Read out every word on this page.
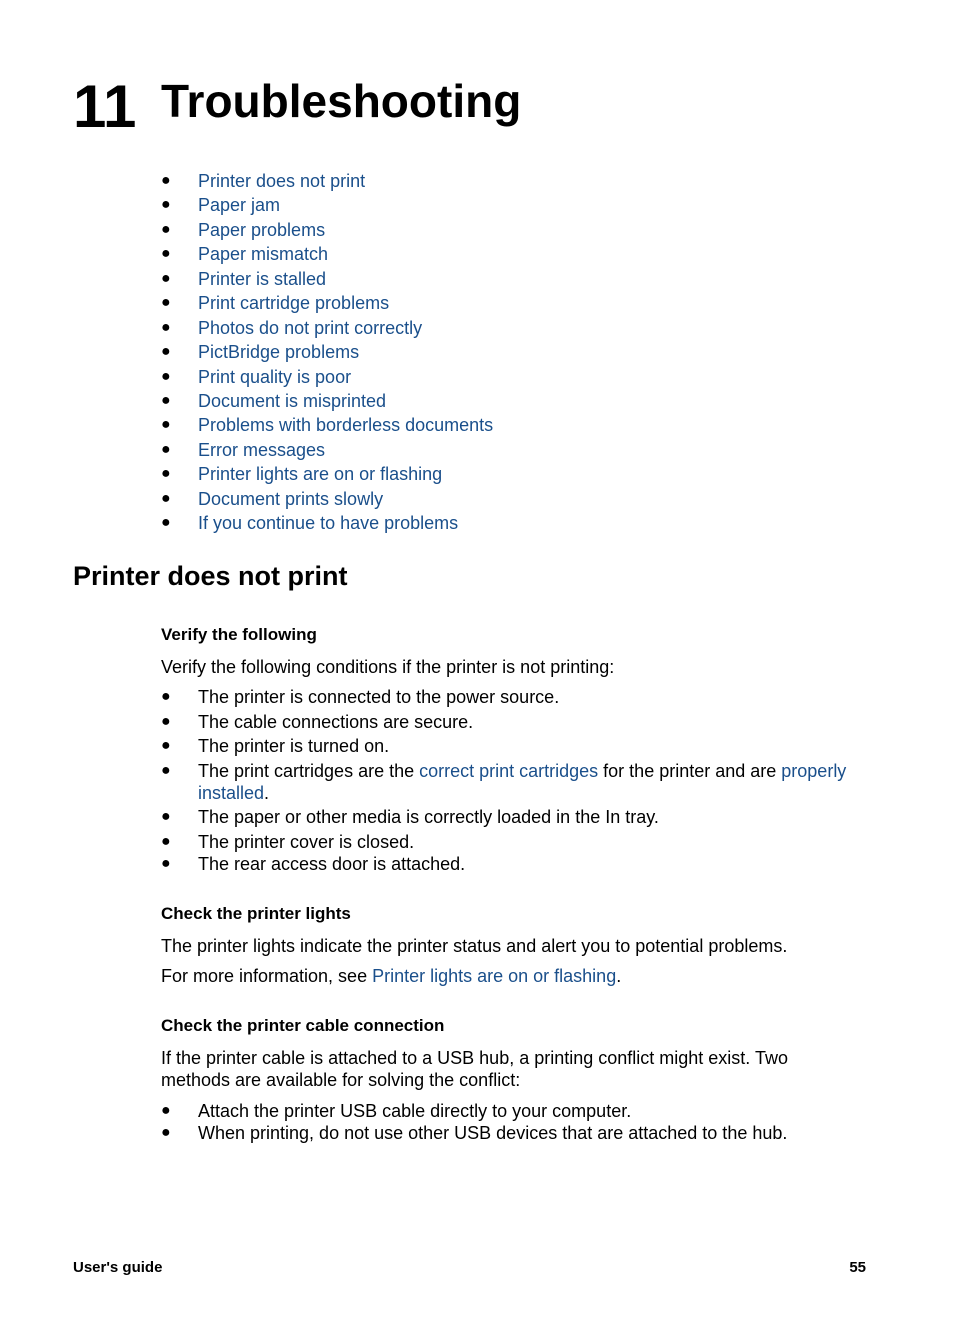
11 Troubleshooting
● Printer does not print
● Paper jam
● Paper problems
● Paper mismatch
● Printer is stalled
● Print cartridge problems
● Photos do not print correctly
● PictBridge problems
● Print quality is poor
● Document is misprinted
● Problems with borderless documents
● Error messages
● Printer lights are on or flashing
● Document prints slowly
● If you continue to have problems
Printer does not print
Verify the following

Verify the following conditions if the printer is not printing:

● The printer is connected to the power source.
● The cable connections are secure.
● The printer is turned on.
● The print cartridges are the correct print cartridges for the printer and are properly installed.
● The paper or other media is correctly loaded in the In tray.
● The printer cover is closed.
● The rear access door is attached.
Check the printer lights

The printer lights indicate the printer status and alert you to potential problems.

For more information, see Printer lights are on or flashing.

Check the printer cable connection

If the printer cable is attached to a USB hub, a printing conflict might exist. Two methods are available for solving the conflict:

● Attach the printer USB cable directly to your computer.
● When printing, do not use other USB devices that are attached to the hub.
User's guide	55
